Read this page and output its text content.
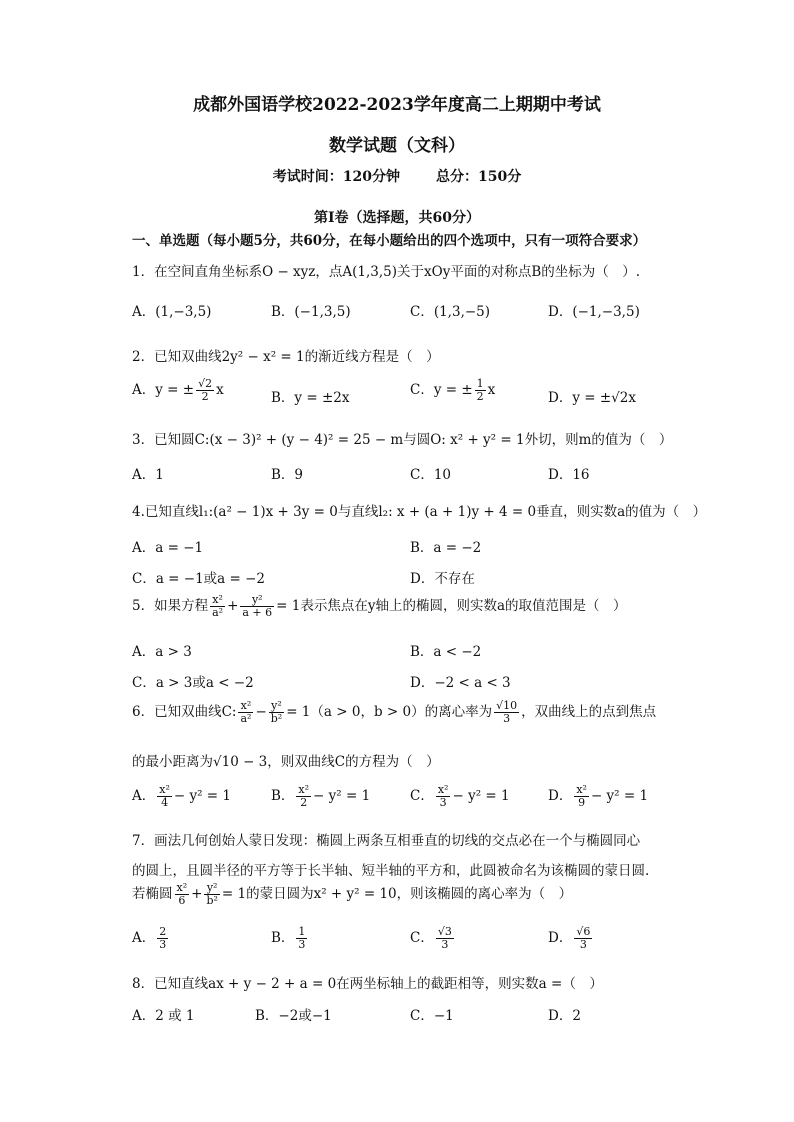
成都外国语学校2022-2023学年度高二上期期中考试
数学试题（文科）
考试时间：120分钟	总分：150分
第Ⅰ卷（选择题，共60分）
一、单选题（每小题5分，共60分，在每小题给出的四个选项中，只有一项符合要求）
1．在空间直角坐标系O − xyz，点A(1,3,5)关于xOy平面的对称点B的坐标为（　）.
A．(1,−3,5)	B．(−1,3,5)	C．(1,3,−5)	D．(−1,−3,5)
2．已知双曲线2y² − x² = 1的渐近线方程是（　）
A．y = ± $\frac{√2}{2}$ x	B．y = ±2x	C．y = ± $\frac{1}{2}$ x	D．y = ±√2x
3．已知圆C:(x − 3)² + (y − 4)² = 25 − m与圆O: x² + y² = 1外切，则m的值为（　）
A．1	B．9	C．10	D．16
4.已知直线l₁:(a² − 1)x + 3y = 0与直线l₂: x + (a + 1)y + 4 = 0垂直，则实数a的值为（　）
A．a = −1	B．a = −2
C．a = −1或a = −2	D．不存在
5．如果方程 $\frac{\text{x²}}{\text{a²}} + \frac{\text{y²}}{a + 6} = 1$表示焦点在y轴上的椭圆，则实数a的取值范围是（　）
A．a > 3	B．a < −2
C．a > 3或a < −2	D．−2 < a < 3
6．已知双曲线C: $\frac{\text{x²}}{\text{a²}} - \frac{\text{y²}}{\text{b²}} = 1(a > 0$，b > 0）的离心率为 $\frac{√10}{3}$ ，双曲线上的点到焦点
的最小距离为√10 − 3，则双曲线C的方程为（　）
A． $\frac{\text{x²}}{4} - y^2 = 1$	B． $\frac{\text{x²}}{2} - y^2 = 1$	C． $\frac{\text{x²}}{3} - y^2 = 1$	D． $\frac{\text{x²}}{9} - y^2 = 1$
7．画法几何创始人蒙日发现：椭圆上两条互相垂直的切线的交点必在一个与椭圆同心
的圆上，且圆半径的平方等于长半轴、短半轴的平方和，此圆被命名为该椭圆的蒙日圆.
若椭圆 $\frac{\text{x²}}{6} + \frac{\text{y²}}{\text{b²}} = 1$的蒙日圆为x² + y² = 10，则该椭圆的离心率为（　）
A． $\frac{2}{3}$	B． $\frac{1}{3}$	C． $\frac{√3}{3}$	D． $\frac{√6}{3}$
8．已知直线ax + y − 2 + a = 0在两坐标轴上的截距相等，则实数a =（　）
A．2 或 1	B．−2或−1	C．−1	D．2
